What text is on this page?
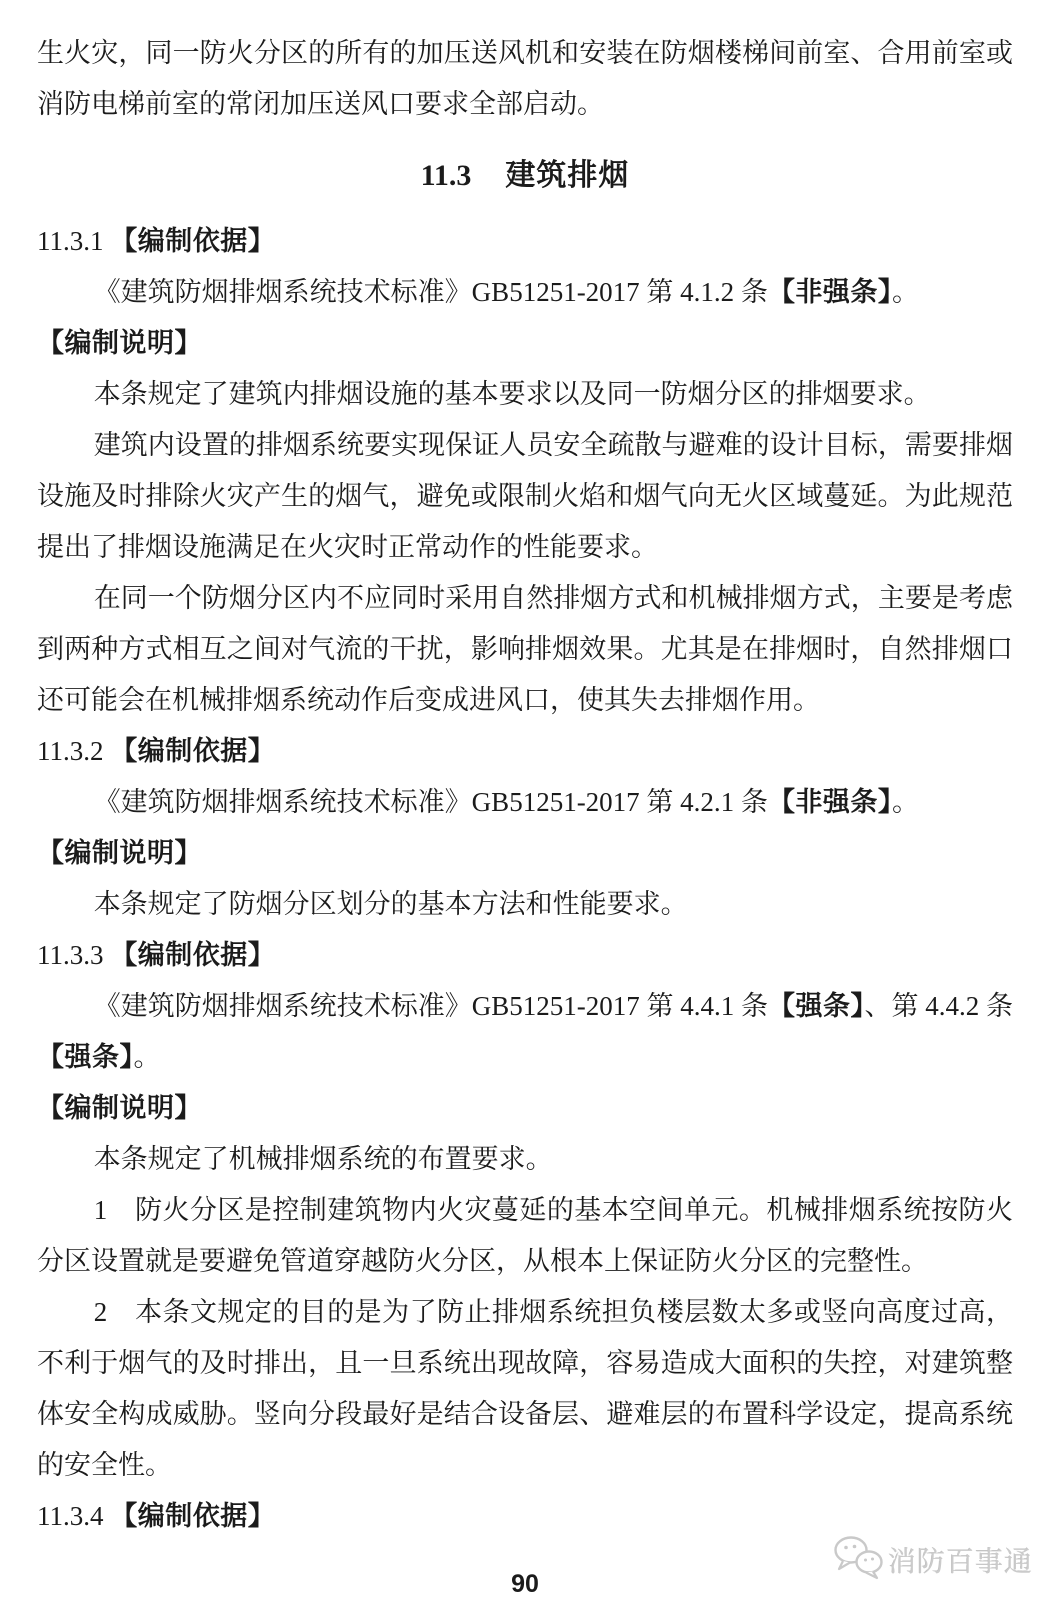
生火灾，同一防火分区的所有的加压送风机和安装在防烟楼梯间前室、合用前室或消防电梯前室的常闭加压送风口要求全部启动。

11.3 建筑排烟

11.3.1 【编制依据】

《建筑防烟排烟系统技术标准》GB51251-2017 第 4.1.2 条【非强条】。

【编制说明】

本条规定了建筑内排烟设施的基本要求以及同一防烟分区的排烟要求。

建筑内设置的排烟系统要实现保证人员安全疏散与避难的设计目标，需要排烟设施及时排除火灾产生的烟气，避免或限制火焰和烟气向无火区域蔓延。为此规范提出了排烟设施满足在火灾时正常动作的性能要求。

在同一个防烟分区内不应同时采用自然排烟方式和机械排烟方式，主要是考虑到两种方式相互之间对气流的干扰，影响排烟效果。尤其是在排烟时，自然排烟口还可能会在机械排烟系统动作后变成进风口，使其失去排烟作用。

11.3.2 【编制依据】

《建筑防烟排烟系统技术标准》GB51251-2017 第 4.2.1 条【非强条】。

【编制说明】

本条规定了防烟分区划分的基本方法和性能要求。

11.3.3 【编制依据】

《建筑防烟排烟系统技术标准》GB51251-2017 第 4.4.1 条【强条】、第 4.4.2 条【强条】。

【编制说明】

本条规定了机械排烟系统的布置要求。

1　防火分区是控制建筑物内火灾蔓延的基本空间单元。机械排烟系统按防火分区设置就是要避免管道穿越防火分区，从根本上保证防火分区的完整性。

2　本条文规定的目的是为了防止排烟系统担负楼层数太多或竖向高度过高，不利于烟气的及时排出，且一旦系统出现故障，容易造成大面积的失控，对建筑整体安全构成威胁。竖向分段最好是结合设备层、避难层的布置科学设定，提高系统的安全性。

11.3.4 【编制依据】

消防百事通
90
